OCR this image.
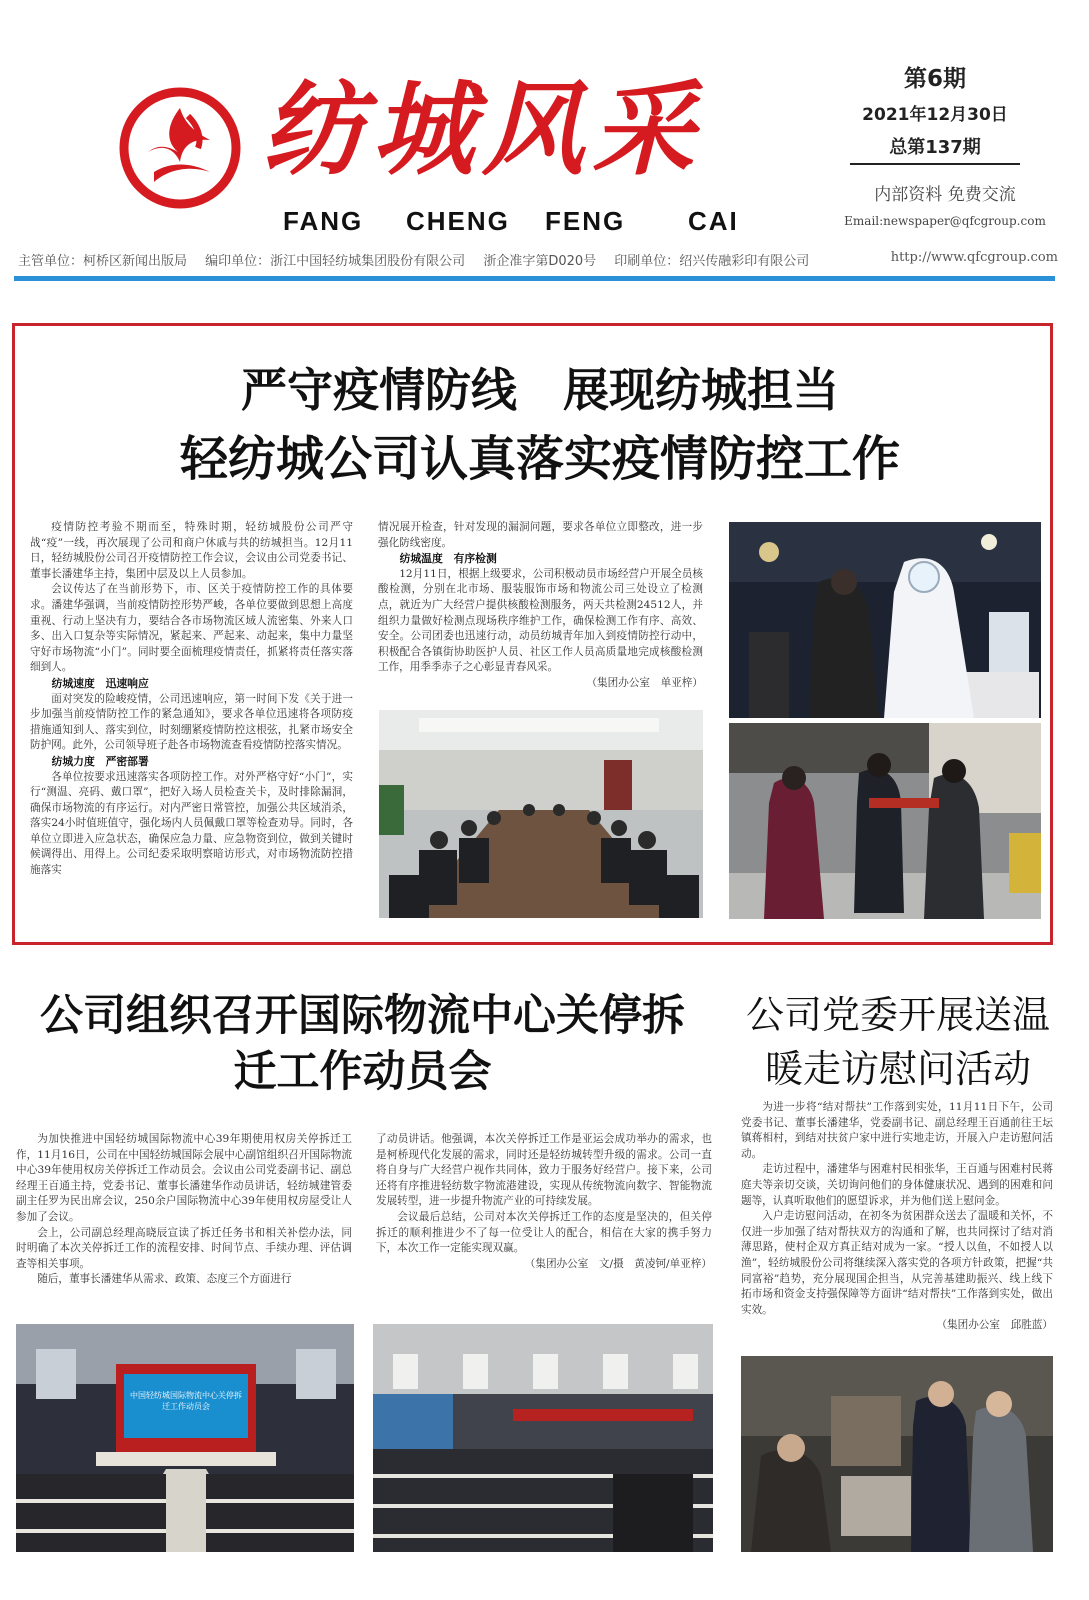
纺城风采
FANG CHENG FENG CAI
第6期
2021年12月30日
总第137期
内部资料 免费交流
Email:newspaper@qfcgroup.com
主管单位：柯桥区新闻出版局 编印单位：浙江中国轻纺城集团股份有限公司 浙企准字第D020号 印刷单位：绍兴传融彩印有限公司	http://www.qfcgroup.com
严守疫情防线　展现纺城担当
轻纺城公司认真落实疫情防控工作

疫情防控考验不期而至，特殊时期，轻纺城股份公司严守战“疫”一线，再次展现了公司和商户休戚与共的纺城担当。12月11日，轻纺城股份公司召开疫情防控工作会议，会议由公司党委书记、董事长潘建华主持，集团中层及以上人员参加。

会议传达了在当前形势下，市、区关于疫情防控工作的具体要求。潘建华强调，当前疫情防控形势严峻，各单位要做到思想上高度重视、行动上坚决有力，要结合各市场物流区域人流密集、外来人口多、出入口复杂等实际情况，紧起来、严起来、动起来，集中力量坚守好市场物流“小门”。同时要全面梳理疫情责任，抓紧将责任落实落细到人。

纺城速度　迅速响应

面对突发的险峻疫情，公司迅速响应，第一时间下发《关于进一步加强当前疫情防控工作的紧急通知》，要求各单位迅速将各项防疫措施通知到人、落实到位，时刻绷紧疫情防控这根弦，扎紧市场安全防护网。此外，公司领导班子赴各市场物流查看疫情防控落实情况。

纺城力度　严密部署

各单位按要求迅速落实各项防控工作。对外严格守好“小门”，实行“测温、亮码、戴口罩”，把好入场人员检查关卡，及时排除漏洞，确保市场物流的有序运行。对内严密日常管控，加强公共区域消杀，落实24小时值班值守，强化场内人员佩戴口罩等检查劝导。同时，各单位立即进入应急状态，确保应急力量、应急物资到位，做到关键时候调得出、用得上。公司纪委采取明察暗访形式，对市场物流防控措施落实

情况展开检查，针对发现的漏洞问题，要求各单位立即整改，进一步强化防线密度。

纺城温度　有序检测

12月11日，根据上级要求，公司积极动员市场经营户开展全员核酸检测，分别在北市场、服装服饰市场和物流公司三处设立了检测点，就近为广大经营户提供核酸检测服务，两天共检测24512人，并组织力量做好检测点现场秩序维护工作，确保检测工作有序、高效、安全。公司团委也迅速行动，动员纺城青年加入到疫情防控行动中，积极配合各镇街协助医护人员、社区工作人员高质量地完成核酸检测工作，用季季赤子之心彰显青春风采。

（集团办公室　单亚梓）

公司组织召开国际物流中心关停拆迁工作动员会

为加快推进中国轻纺城国际物流中心39年期使用权房关停拆迁工作，11月16日，公司在中国轻纺城国际会展中心副馆组织召开国际物流中心39年使用权房关停拆迁工作动员会。会议由公司党委副书记、副总经理王百通主持，党委书记、董事长潘建华作动员讲话，轻纺城建管委副主任罗为民出席会议，250余户国际物流中心39年使用权房屋受让人参加了会议。

会上，公司副总经理高晓辰宣读了拆迁任务书和相关补偿办法，同时明确了本次关停拆迁工作的流程安排、时间节点、手续办理、评估调查等相关事项。

随后，董事长潘建华从需求、政策、态度三个方面进行

了动员讲话。他强调，本次关停拆迁工作是亚运会成功举办的需求，也是柯桥现代化发展的需求，同时还是轻纺城转型升级的需求。公司一直将自身与广大经营户视作共同体，致力于服务好经营户。接下来，公司还将有序推进轻纺数字物流港建设，实现从传统物流向数字、智能物流发展转型，进一步提升物流产业的可持续发展。

会议最后总结，公司对本次关停拆迁工作的态度是坚决的，但关停拆迁的顺利推进少不了每一位受让人的配合，相信在大家的携手努力下，本次工作一定能实现双赢。

（集团办公室　文/摄　黄凌钶/单亚梓）

中国轻纺城国际物流中心关停拆迁工作动员会
公司党委开展送温暖走访慰问活动

为进一步将“结对帮扶”工作落到实处，11月11日下午，公司党委书记、董事长潘建华，党委副书记、副总经理王百通前往王坛镇蒋相村，到结对扶贫户家中进行实地走访，开展入户走访慰问活动。

走访过程中，潘建华与困难村民相张华，王百通与困难村民蒋庭夫等亲切交谈，关切询问他们的身体健康状况、遇到的困难和问题等，认真听取他们的愿望诉求，并为他们送上慰问金。

入户走访慰问活动，在初冬为贫困群众送去了温暖和关怀，不仅进一步加强了结对帮扶双方的沟通和了解，也共同探讨了结对消薄思路，使村企双方真正结对成为一家。“授人以鱼，不如授人以渔”，轻纺城股份公司将继续深入落实党的各项方针政策，把握“共同富裕”趋势，充分展现国企担当，从完善基建助振兴、线上线下拓市场和资金支持强保障等方面讲“结对帮扶”工作落到实处，做出实效。

（集团办公室　邱胜蓝）
